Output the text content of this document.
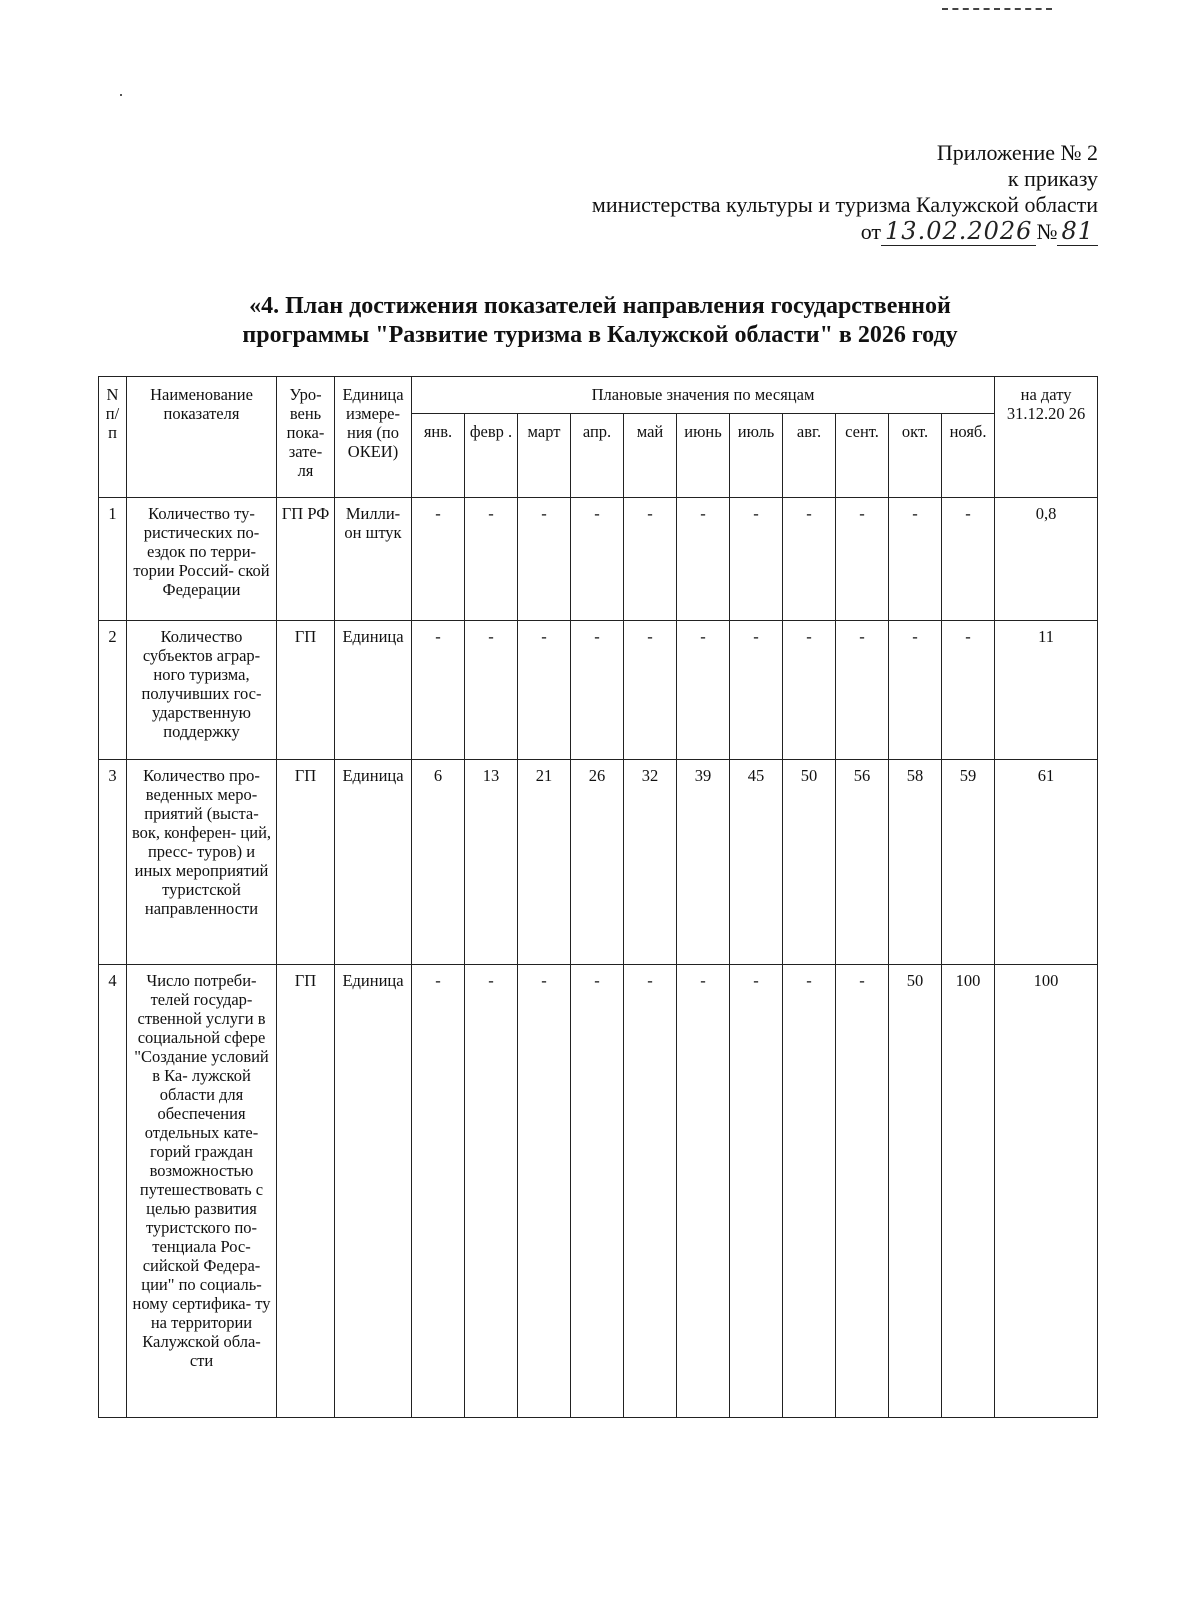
Приложение № 2
к приказу
министерства культуры и туризма Калужской области
от 13.02.2026 № 81
«4. План достижения показателей направления государственной
программы "Развитие туризма в Калужской области" в 2026 году
N п/ п	Наименование показателя	Уро- вень пока- зате- ля	Единица измере- ния (по ОКЕИ)	Плановые значения по месяцам											на дату 31.12.20 26
				янв.	февр .	март	апр.	май	июнь	июль	авг.	сент.	окт.	нояб.	
1	Количество ту- ристических по- ездок по терри- тории Россий- ской Федерации	ГП РФ	Милли- он штук	-	-	-	-	-	-	-	-	-	-	-	0,8
2	Количество субъектов аграр- ного туризма, получивших гос- ударственную поддержку	ГП	Единица	-	-	-	-	-	-	-	-	-	-	-	11
3	Количество про- веденных меро- приятий (выста- вок, конферен- ций, пресс- туров) и иных мероприятий туристской направленности	ГП	Единица	6	13	21	26	32	39	45	50	56	58	59	61
4	Число потреби- телей государ- ственной услуги в социальной сфере "Создание условий в Ка- лужской области для обеспечения отдельных кате- горий граждан возможностью путешествовать с целью развития туристского по- тенциала Рос- сийской Федера- ции" по социаль- ному сертифика- ту на территории Калужской обла- сти	ГП	Единица	-	-	-	-	-	-	-	-	-	50	100	100
